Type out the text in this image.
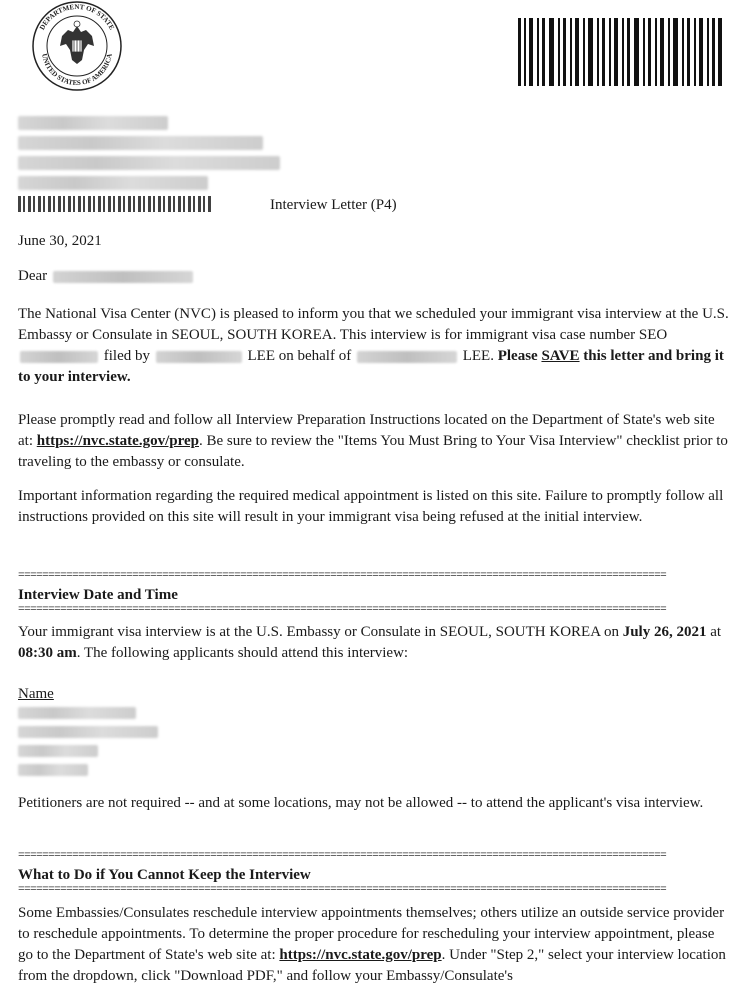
DEPARTMENT OF STATE
UNITED STATES OF AMERICA
Interview Letter (P4)
June 30, 2021
Dear
The National Visa Center (NVC) is pleased to inform you that we scheduled your immigrant visa interview at the U.S. Embassy or Consulate in SEOUL, SOUTH KOREA. This interview is for immigrant visa case number SEO filed by	LEE on behalf of	LEE. Please SAVE this letter and bring it to your interview.
Please promptly read and follow all Interview Preparation Instructions located on the Department of State's web site at: https://nvc.state.gov/prep. Be sure to review the "Items You Must Bring to Your Visa Interview" checklist prior to traveling to the embassy or consulate.
Important information regarding the required medical appointment is listed on this site. Failure to promptly follow all instructions provided on this site will result in your immigrant visa being refused at the initial interview.
============================================================================================================
Interview Date and Time
============================================================================================================
Your immigrant visa interview is at the U.S. Embassy or Consulate in SEOUL, SOUTH KOREA on July 26, 2021 at 08:30 am. The following applicants should attend this interview:
Name
Petitioners are not required -- and at some locations, may not be allowed -- to attend the applicant's visa interview.
============================================================================================================
What to Do if You Cannot Keep the Interview
============================================================================================================
Some Embassies/Consulates reschedule interview appointments themselves; others utilize an outside service provider to reschedule appointments. To determine the proper procedure for rescheduling your interview appointment, please go to the Department of State's web site at: https://nvc.state.gov/prep. Under "Step 2," select your interview location from the dropdown, click "Download PDF," and follow your Embassy/Consulate's
